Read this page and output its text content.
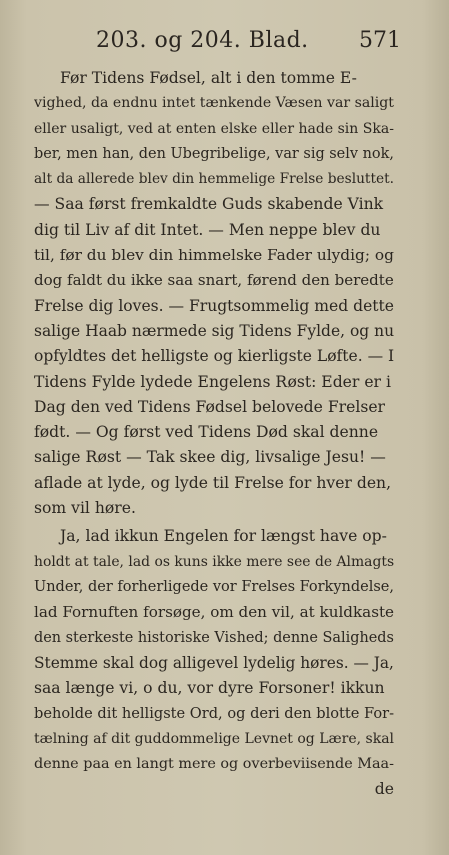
203. og 204. Blad. 571
Før Tidens Fødsel, alt i den tomme E-
vighed, da endnu intet tænkende Væsen var saligt
eller usaligt, ved at enten elske eller hade sin Ska-
ber, men han, den Ubegribelige, var sig selv nok,
alt da allerede blev din hemmelige Frelse besluttet.
— Saa først fremkaldte Guds skabende Vink
dig til Liv af dit Intet. — Men neppe blev du
til, før du blev din himmelske Fader ulydig; og
dog faldt du ikke saa snart, førend den beredte
Frelse dig loves. — Frugtsommelig med dette
salige Haab nærmede sig Tidens Fylde, og nu
opfyldtes det helligste og kierligste Løfte. — I
Tidens Fylde lydede Engelens Røst: Eder er i
Dag den ved Tidens Fødsel belovede Frelser
født. — Og først ved Tidens Død skal denne
salige Røst — Tak skee dig, livsalige Jesu! —
aflade at lyde, og lyde til Frelse for hver den,
som vil høre.
Ja, lad ikkun Engelen for længst have op-
holdt at tale, lad os kuns ikke mere see de Almagts
Under, der forherligede vor Frelses Forkyndelse,
lad Fornuften forsøge, om den vil, at kuldkaste
den sterkeste historiske Vished; denne Saligheds
Stemme skal dog alligevel lydelig høres. — Ja,
saa længe vi, o du, vor dyre Forsoner! ikkun
beholde dit helligste Ord, og deri den blotte For-
tælning af dit guddommelige Levnet og Lære, skal
denne paa en langt mere og overbeviisende Maa-
de
